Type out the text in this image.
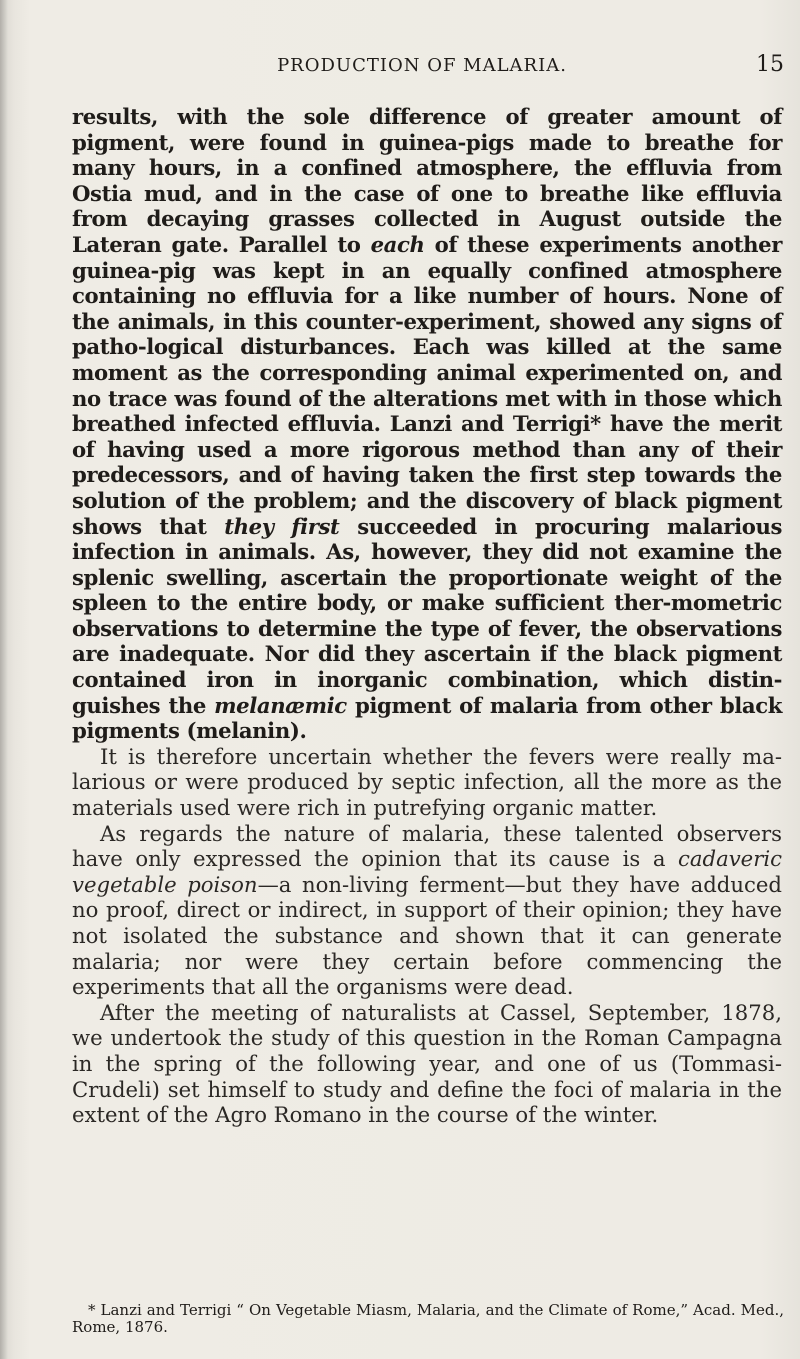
PRODUCTION OF MALARIA.	15

results, with the sole difference of greater amount of pigment, were found in guinea-pigs made to breathe for many hours, in a confined atmosphere, the effluvia from Ostia mud, and in the case of one to breathe like effluvia from decaying grasses collected in August outside the Lateran gate. Parallel to each of these experiments another guinea-pig was kept in an equally confined atmosphere containing no effluvia for a like number of hours. None of the animals, in this counter-experiment, showed any signs of patho-logical disturbances. Each was killed at the same moment as the corresponding animal experimented on, and no trace was found of the alterations met with in those which breathed infected effluvia. Lanzi and Terrigi* have the merit of having used a more rigorous method than any of their predecessors, and of having taken the first step towards the solution of the problem; and the discovery of black pigment shows that they first succeeded in procuring malarious infection in animals. As, however, they did not examine the splenic swelling, ascertain the proportionate weight of the spleen to the entire body, or make sufficient ther-mometric observations to determine the type of fever, the observations are inadequate. Nor did they ascertain if the black pigment contained iron in inorganic combination, which distin-guishes the melanæmic pigment of malaria from other black pigments (melanin).

It is therefore uncertain whether the fevers were really ma-larious or were produced by septic infection, all the more as the materials used were rich in putrefying organic matter.

As regards the nature of malaria, these talented observers have only expressed the opinion that its cause is a cadaveric vegetable poison—a non-living ferment—but they have adduced no proof, direct or indirect, in support of their opinion; they have not isolated the substance and shown that it can generate malaria; nor were they certain before commencing the experiments that all the organisms were dead.

After the meeting of naturalists at Cassel, September, 1878, we undertook the study of this question in the Roman Campagna in the spring of the following year, and one of us (Tommasi-Crudeli) set himself to study and define the foci of malaria in the extent of the Agro Romano in the course of the winter.

* Lanzi and Terrigi “ On Vegetable Miasm, Malaria, and the Climate of Rome,” Acad. Med., Rome, 1876.
